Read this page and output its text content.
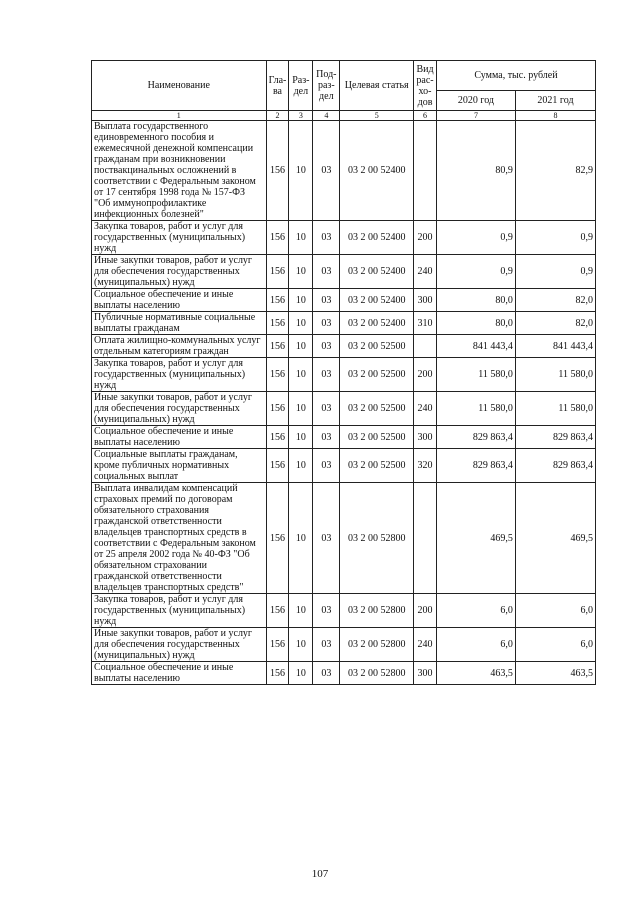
Наименование	Гла-ва	Раз-дел	Под-раз-дел	Целевая статья	Вид рас-хо-дов	Сумма, тыс. рублей	
						2020 год	2021 год
1	2	3	4	5	6	7	8
Выплата государственного единовременного пособия и ежемесячной денежной компенсации гражданам при возникновении поствакцинальных осложнений в соответствии с Федеральным законом от 17 сентября 1998 года № 157-ФЗ "Об иммунопрофилактике инфекционных болезней"	156	10	03	03 2 00 52400		80,9	82,9
Закупка товаров, работ и услуг для государственных (муниципальных) нужд	156	10	03	03 2 00 52400	200	0,9	0,9
Иные закупки товаров, работ и услуг для обеспечения государственных (муниципальных) нужд	156	10	03	03 2 00 52400	240	0,9	0,9
Социальное обеспечение и иные выплаты населению	156	10	03	03 2 00 52400	300	80,0	82,0
Публичные нормативные социальные выплаты гражданам	156	10	03	03 2 00 52400	310	80,0	82,0
Оплата жилищно-коммунальных услуг отдельным категориям граждан	156	10	03	03 2 00 52500		841 443,4	841 443,4
Закупка товаров, работ и услуг для государственных (муниципальных) нужд	156	10	03	03 2 00 52500	200	11 580,0	11 580,0
Иные закупки товаров, работ и услуг для обеспечения государственных (муниципальных) нужд	156	10	03	03 2 00 52500	240	11 580,0	11 580,0
Социальное обеспечение и иные выплаты населению	156	10	03	03 2 00 52500	300	829 863,4	829 863,4
Социальные выплаты гражданам, кроме публичных нормативных социальных выплат	156	10	03	03 2 00 52500	320	829 863,4	829 863,4
Выплата инвалидам компенсаций страховых премий по договорам обязательного страхования гражданской ответственности владельцев транспортных средств в соответствии с Федеральным законом от 25 апреля 2002 года № 40-ФЗ "Об обязательном страховании гражданской ответственности владельцев транспортных средств"	156	10	03	03 2 00 52800		469,5	469,5
Закупка товаров, работ и услуг для государственных (муниципальных) нужд	156	10	03	03 2 00 52800	200	6,0	6,0
Иные закупки товаров, работ и услуг для обеспечения государственных (муниципальных) нужд	156	10	03	03 2 00 52800	240	6,0	6,0
Социальное обеспечение и иные выплаты населению	156	10	03	03 2 00 52800	300	463,5	463,5
107
